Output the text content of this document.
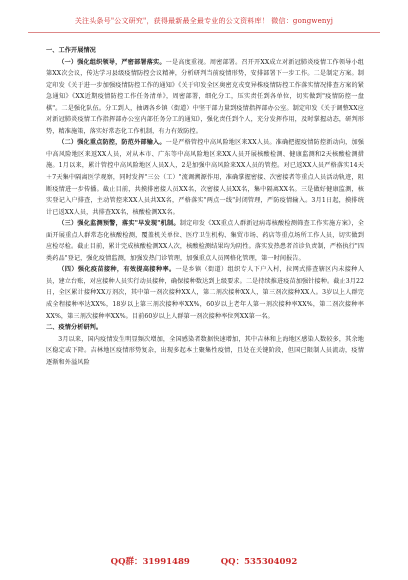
关注头条号"公文研究"，获得最新最全最专业的公文资料库！ 微信：gongwenyj

一、工作开展情况

（一）强化组织领导，严密部署落实。一是高度重视。周密部署。召开开XX成立对新冠肺炎疫情工作领导小组第XX次会议，传达学习县级疫情防控会议精神，分析研判当前疫情形势，安排部署下一步工作。二是制定方案。制定印发《关于进一步加强疫情防控工作的通知》《关于印发全区奥密克戎变异株疫情防控工作落实情况排查方案的紧急通知》《XX近期疫情防控工作任务清单》，周密部署，细化分工，压实责任到各单位，切实做到"疫情防控一盘棋"。二是强化队伍。分工到人，抽调各乡镇（街道）中坚干部力量到疫情指挥部办公室。制定印发《关于调整XX应对新冠肺炎疫情工作指挥部办公室内部任务分工的通知》，强化责任到个人，充分发挥作用，及时掌握动态，研判形势，精准施策，落实好常态化工作机制，有力有效防控。

（二）强化重点防控，防范外部输入。一是严格管控中高风险地区来XX人员。准确把握疫情防控新动向，加强中高风险地区来返XX人员，对从本市、广东等中高风险地区来XX人员开展核酸检测、健康监测和2天核酸检测措施。1月以来，累计管控中高风险地区人员X人，2是加强中高风险来XX人员的管控。对已返XX人员严格落实14天＋7天集中隔离医学观察，同时发挥"三公（工）"流调溯源作用，准确掌握密接、次密接者等重点人员活动轨迹，阻断疫情进一步传播。截止目前，共摸排密接人员XX名，次密接人员XX名，集中隔离XX名。三是做好健康监测，核实登记入户排查，主动管控来XX人员共XX名，严格落实"两点一线"封闭管理，严防疫情输入。3月1日起，摸排统计已返XX人员，共排查XX名，核酸检测XX名。

（三）强化监测预警，落实"早发现"机制。制定印发《XX重点人群新冠病毒核酸检测筛查工作实施方案》，全面开展重点人群常态化核酸检测，覆盖机关单位、医疗卫生机构、集贸市场、药店等重点场所工作人员，切实做到应检尽检。截止目前，累计完成核酸检测XX人次，核酸检测结果均为阴性。落实发热患者首诊负责制，严格执行"四类药品"登记，强化疫情监测，加强发热门诊管理，加强重点人员网格化管理，第一时间报告。

（四）强化疫苗接种，有效提高接种率。一是乡镇（街道）组织专人下户入村，拉网式排查辖区内未接种人员，建立台账，对应接种人员实行动员接种，确保接种数达到上级要求。二是持续推进疫苗加强针接种。截止3月22日，全区累计接种XX万剂次，其中第一剂次接种XX人，第二剂次接种XX人，第三剂次接种XX人。3岁以上人群完成全程接种率达XX%，18岁以上第三剂次接种率XX%，60岁以上老年人第一剂次接种率XX%，第二剂次接种率XX%，第三剂次接种率XX%。目前60岁以上人群第一剂次接种率位列XX第一名。

二、疫情分析研判。

3月以来，国内疫情发生明显频次增加，全国感染者数据快速增加，其中吉林和上海地区感染人数较多，其余地区稳定或下降。吉林地区疫情形势复杂，出现多起本土聚集性疫情，且处在关键阶段，但国已限制人员流动，疫情逐渐和外溢风险

QQ群：31991489	QQ：535304092
